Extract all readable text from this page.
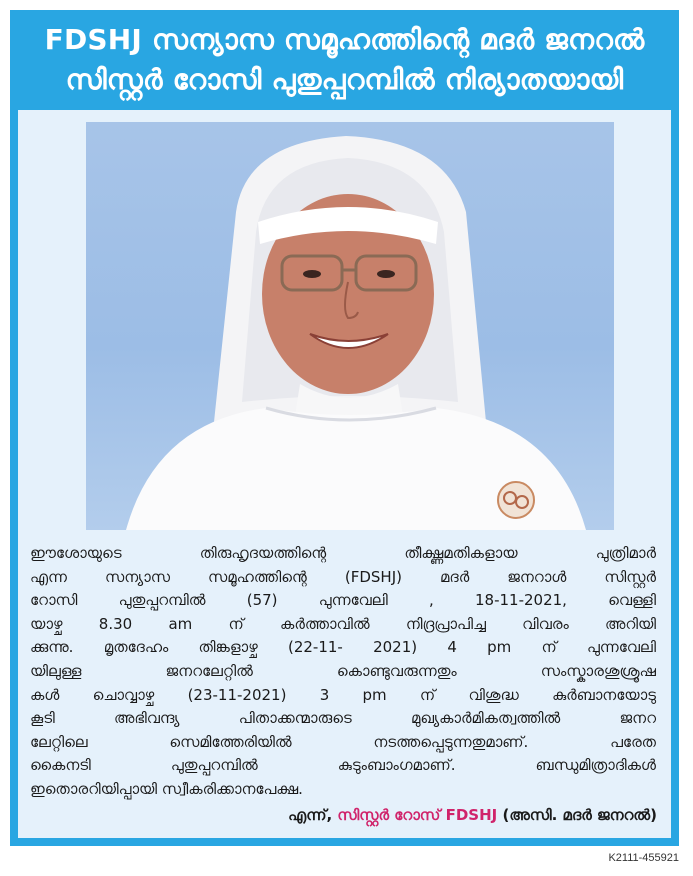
FDSHJ സന്യാസ സമൂഹത്തിന്റെ മദർ ജനറൽ
സിസ്റ്റർ റോസി പുതുപ്പറമ്പിൽ നിര്യാതയായി

ഈശോയുടെ തിരുഹൃദയത്തിന്റെ തീക്ഷ്ണമതികളായ പുത്രിമാർ
എന്ന സന്യാസ സമൂഹത്തിന്റെ (FDSHJ) മദർ ജനറാൾ സിസ്റ്റർ
റോസി പുതുപ്പറമ്പിൽ (57) പുന്നവേലി , 18-11-2021, വെള്ളി
യാഴ്ച 8.30 am ന് കർത്താവിൽ നിദ്രപ്രാപിച്ച വിവരം അറിയി
ക്കുന്നു. മൃതദേഹം തിങ്കളാഴ്ച (22-11- 2021) 4 pm ന് പുന്നവേലി
യിലുള്ള ജനറലേറ്റിൽ കൊണ്ടുവരുന്നതും സംസ്കാരശുശ്രൂഷ
കൾ ചൊവ്വാഴ്ച (23-11-2021) 3 pm ന് വിശുദ്ധ കുർബാനയോടു
കൂടി അഭിവന്ദ്യ പിതാക്കന്മാരുടെ മുഖ്യകാർമികത്വത്തിൽ ജനറ
ലേറ്റിലെ സെമിത്തേരിയിൽ നടത്തപ്പെടുന്നതുമാണ്. പരേത
കൈനടി പുതുപ്പറമ്പിൽ കുടുംബാംഗമാണ്. ബന്ധുമിത്രാദികൾ
ഇതൊരറിയിപ്പായി സ്വീകരിക്കാനപേക്ഷ.

എന്ന്, സിസ്റ്റർ റോസ് FDSHJ (അസി. മദർ ജനറൽ)
K2111-455921
